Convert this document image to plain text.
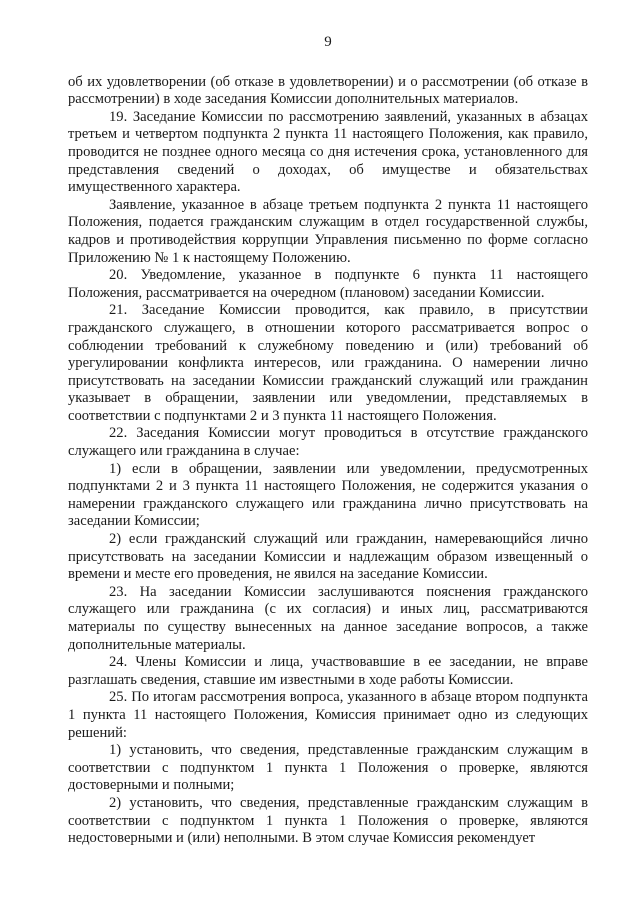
9

об их удовлетворении (об отказе в удовлетворении) и о рассмотрении (об отказе в рассмотрении) в ходе заседания Комиссии дополнительных материалов.

19. Заседание Комиссии по рассмотрению заявлений, указанных в абзацах третьем и четвертом подпункта 2 пункта 11 настоящего Положения, как правило, проводится не позднее одного месяца со дня истечения срока, установленного для представления сведений о доходах, об имуществе и обязательствах имущественного характера.

Заявление, указанное в абзаце третьем подпункта 2 пункта 11 настоящего Положения, подается гражданским служащим в отдел государственной службы, кадров и противодействия коррупции Управления письменно по форме согласно Приложению № 1 к настоящему Положению.

20. Уведомление, указанное в подпункте 6 пункта 11 настоящего Положения, рассматривается на очередном (плановом) заседании Комиссии.

21. Заседание Комиссии проводится, как правило, в присутствии гражданского служащего, в отношении которого рассматривается вопрос о соблюдении требований к служебному поведению и (или) требований об урегулировании конфликта интересов, или гражданина. О намерении лично присутствовать на заседании Комиссии гражданский служащий или гражданин указывает в обращении, заявлении или уведомлении, представляемых в соответствии с подпунктами 2 и 3 пункта 11 настоящего Положения.

22. Заседания Комиссии могут проводиться в отсутствие гражданского служащего или гражданина в случае:

1) если в обращении, заявлении или уведомлении, предусмотренных подпунктами 2 и 3 пункта 11 настоящего Положения, не содержится указания о намерении гражданского служащего или гражданина лично присутствовать на заседании Комиссии;

2) если гражданский служащий или гражданин, намеревающийся лично присутствовать на заседании Комиссии и надлежащим образом извещенный о времени и месте его проведения, не явился на заседание Комиссии.

23. На заседании Комиссии заслушиваются пояснения гражданского служащего или гражданина (с их согласия) и иных лиц, рассматриваются материалы по существу вынесенных на данное заседание вопросов, а также дополнительные материалы.

24. Члены Комиссии и лица, участвовавшие в ее заседании, не вправе разглашать сведения, ставшие им известными в ходе работы Комиссии.

25. По итогам рассмотрения вопроса, указанного в абзаце втором подпункта 1 пункта 11 настоящего Положения, Комиссия принимает одно из следующих решений:

1) установить, что сведения, представленные гражданским служащим в соответствии с подпунктом 1 пункта 1 Положения о проверке, являются достоверными и полными;

2) установить, что сведения, представленные гражданским служащим в соответствии с подпунктом 1 пункта 1 Положения о проверке, являются недостоверными и (или) неполными. В этом случае Комиссия рекомендует
